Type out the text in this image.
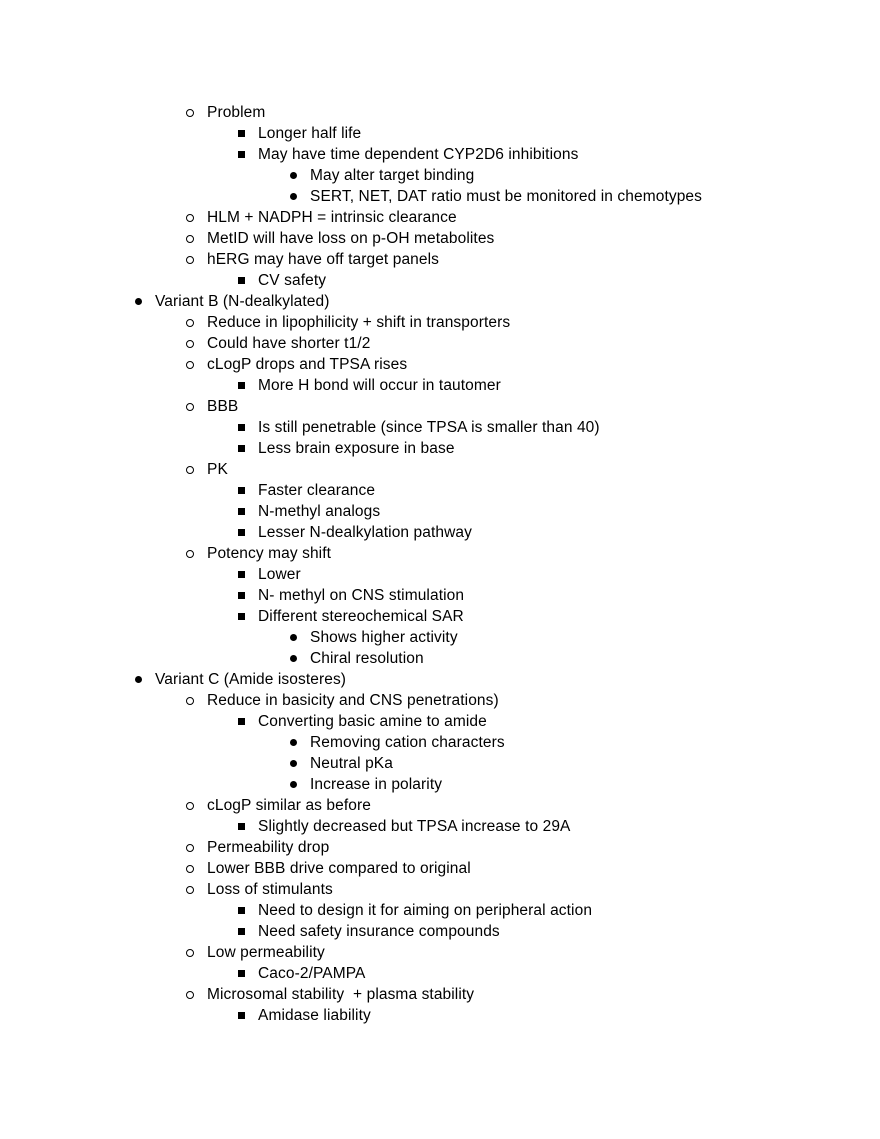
Problem
Longer half life
May have time dependent CYP2D6 inhibitions
May alter target binding
SERT, NET, DAT ratio must be monitored in chemotypes
HLM + NADPH = intrinsic clearance
MetID will have loss on p-OH metabolites
hERG may have off target panels
CV safety
Variant B (N-dealkylated)
Reduce in lipophilicity + shift in transporters
Could have shorter t1/2
cLogP drops and TPSA rises
More H bond will occur in tautomer
BBB
Is still penetrable (since TPSA is smaller than 40)
Less brain exposure in base
PK
Faster clearance
N-methyl analogs
Lesser N-dealkylation pathway
Potency may shift
Lower
N- methyl on CNS stimulation
Different stereochemical SAR
Shows higher activity
Chiral resolution
Variant C (Amide isosteres)
Reduce in basicity and CNS penetrations)
Converting basic amine to amide
Removing cation characters
Neutral pKa
Increase in polarity
cLogP similar as before
Slightly decreased but TPSA increase to 29A
Permeability drop
Lower BBB drive compared to original
Loss of stimulants
Need to design it for aiming on peripheral action
Need safety insurance compounds
Low permeability
Caco-2/PAMPA
Microsomal stability  + plasma stability
Amidase liability
